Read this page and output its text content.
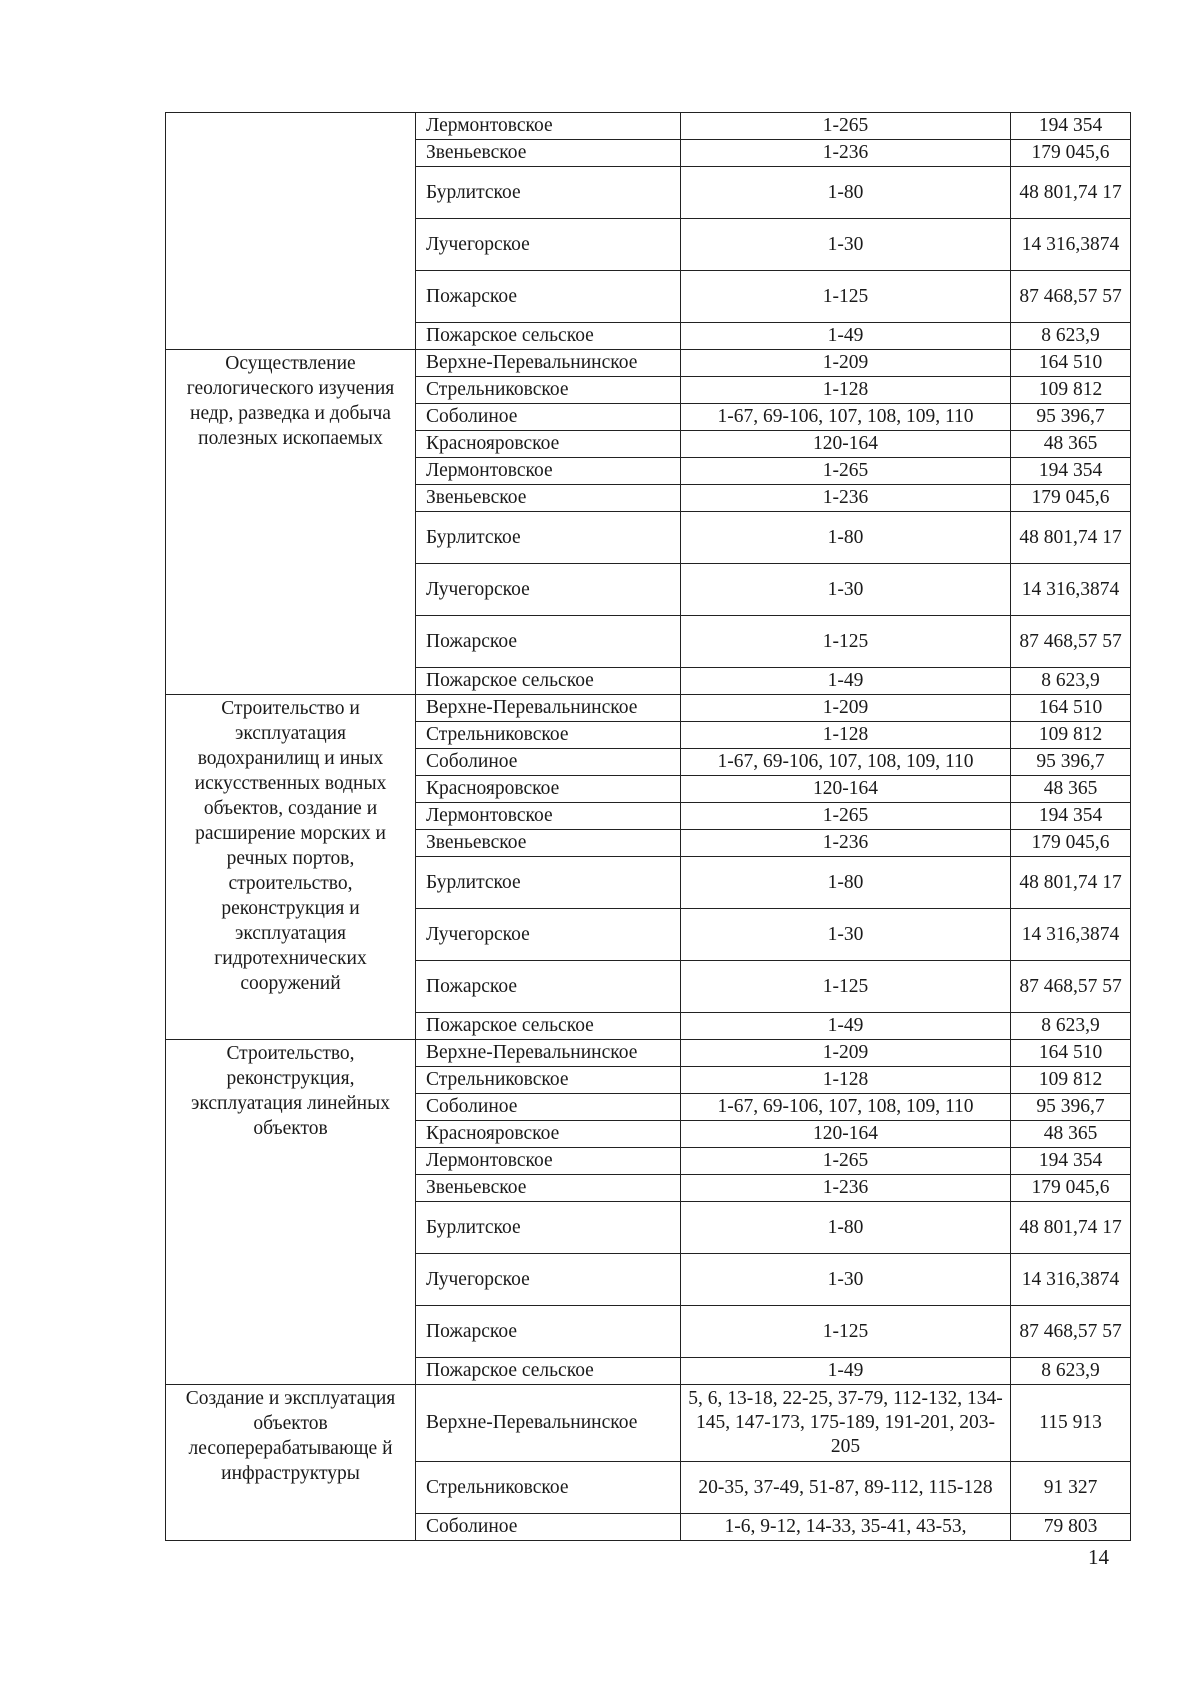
	Лермонтовское	1-265	194 354
	Звеньевское	1-236	179 045,6
	Бурлитское	1-80	48 801,74 17
	Лучегорское	1-30	14 316,3874
	Пожарское	1-125	87 468,57 57
	Пожарское сельское	1-49	8 623,9
Осуществление геологического изучения недр, разведка и добыча полезных ископаемых	Верхне-Перевальнинское	1-209	164 510
	Стрельниковское	1-128	109 812
	Соболиное	1-67, 69-106, 107, 108, 109, 110	95 396,7
	Краснояровское	120-164	48 365
	Лермонтовское	1-265	194 354
	Звеньевское	1-236	179 045,6
	Бурлитское	1-80	48 801,74 17
	Лучегорское	1-30	14 316,3874
	Пожарское	1-125	87 468,57 57
	Пожарское сельское	1-49	8 623,9
Строительство и эксплуатация водохранилищ и иных искусственных водных объектов, создание и расширение морских и речных портов, строительство, реконструкция и эксплуатация гидротехнических сооружений	Верхне-Перевальнинское	1-209	164 510
	Стрельниковское	1-128	109 812
	Соболиное	1-67, 69-106, 107, 108, 109, 110	95 396,7
	Краснояровское	120-164	48 365
	Лермонтовское	1-265	194 354
	Звеньевское	1-236	179 045,6
	Бурлитское	1-80	48 801,74 17
	Лучегорское	1-30	14 316,3874
	Пожарское	1-125	87 468,57 57
	Пожарское сельское	1-49	8 623,9
Строительство, реконструкция, эксплуатация линейных объектов	Верхне-Перевальнинское	1-209	164 510
	Стрельниковское	1-128	109 812
	Соболиное	1-67, 69-106, 107, 108, 109, 110	95 396,7
	Краснояровское	120-164	48 365
	Лермонтовское	1-265	194 354
	Звеньевское	1-236	179 045,6
	Бурлитское	1-80	48 801,74 17
	Лучегорское	1-30	14 316,3874
	Пожарское	1-125	87 468,57 57
	Пожарское сельское	1-49	8 623,9
Создание и эксплуатация объектов лесоперерабатывающе й инфраструктуры	Верхне-Перевальнинское	5, 6, 13-18, 22-25, 37-79, 112-132, 134-145, 147-173, 175-189, 191-201, 203-205	115 913
	Стрельниковское	20-35, 37-49, 51-87, 89-112, 115-128	91 327
	Соболиное	1-6, 9-12, 14-33, 35-41, 43-53,	79 803
14
